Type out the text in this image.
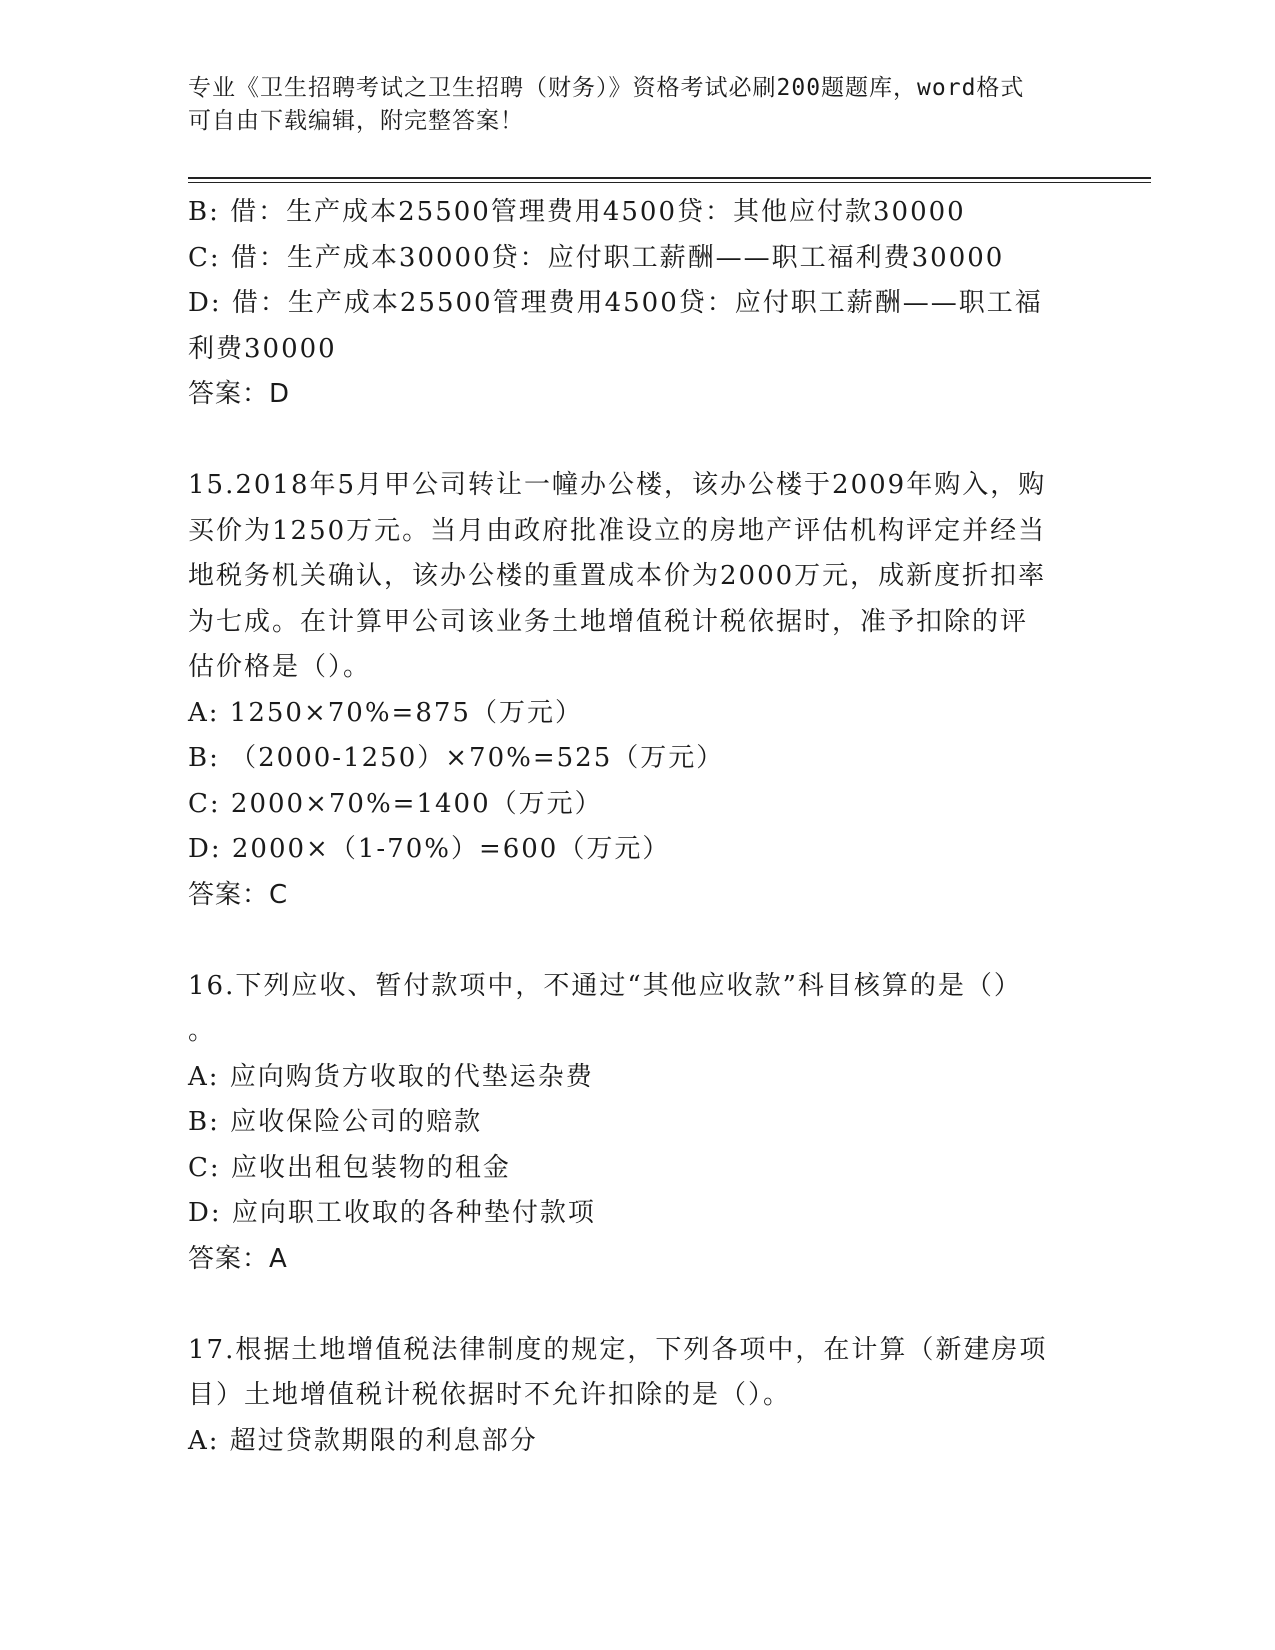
专业《卫生招聘考试之卫生招聘（财务）》资格考试必刷200题题库，word格式
可自由下载编辑，附完整答案！
B: 借：生产成本25500管理费用4500贷：其他应付款30000
C: 借：生产成本30000贷：应付职工薪酬——职工福利费30000
D: 借：生产成本25500管理费用4500贷：应付职工薪酬——职工福
利费30000
答案：D
15.2018年5月甲公司转让一幢办公楼，该办公楼于2009年购入，购
买价为1250万元。当月由政府批准设立的房地产评估机构评定并经当
地税务机关确认，该办公楼的重置成本价为2000万元，成新度折扣率
为七成。在计算甲公司该业务土地增值税计税依据时，准予扣除的评
估价格是（）。
A: 1250×70%=875（万元）
B: （2000-1250）×70%=525（万元）
C: 2000×70%=1400（万元）
D: 2000×（1-70%）=600（万元）
答案：C
16.下列应收、暂付款项中，不通过“其他应收款”科目核算的是（）
。
A: 应向购货方收取的代垫运杂费
B: 应收保险公司的赔款
C: 应收出租包装物的租金
D: 应向职工收取的各种垫付款项
答案：A
17.根据土地增值税法律制度的规定，下列各项中，在计算（新建房项
目）土地增值税计税依据时不允许扣除的是（）。
A: 超过贷款期限的利息部分
